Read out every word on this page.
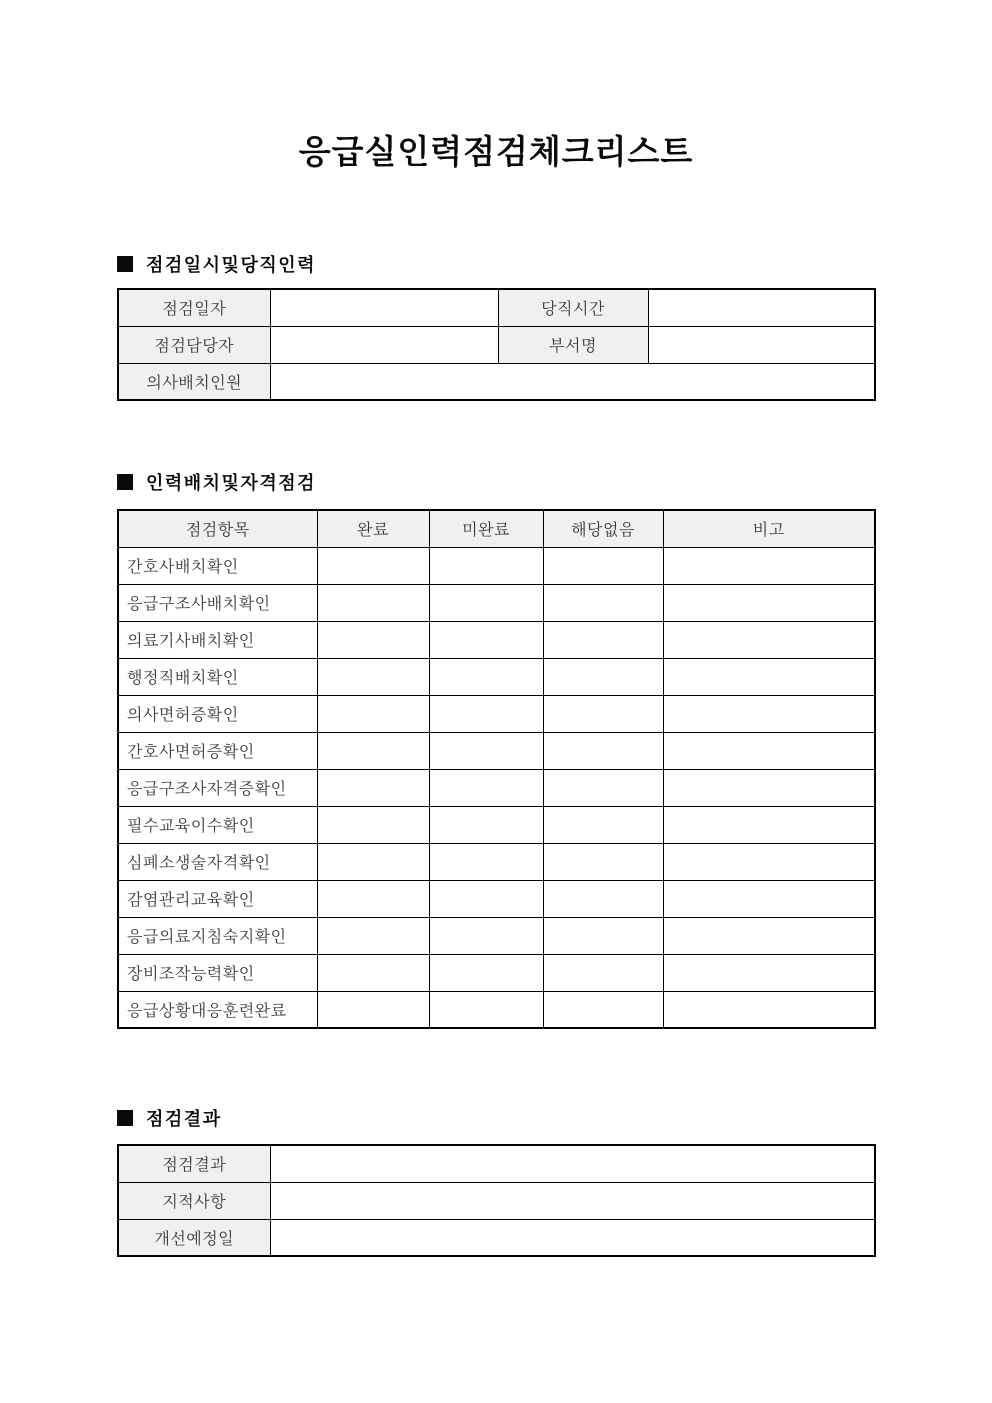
응급실인력점검체크리스트
점검일시및당직인력
점검일자		당직시간	
점검담당자		부서명	
의사배치인원			
인력배치및자격점검
점검항목	완료	미완료	해당없음	비고
간호사배치확인				
응급구조사배치확인				
의료기사배치확인				
행정직배치확인				
의사면허증확인				
간호사면허증확인				
응급구조사자격증확인				
필수교육이수확인				
심폐소생술자격확인				
감염관리교육확인				
응급의료지침숙지확인				
장비조작능력확인				
응급상황대응훈련완료				
점검결과
점검결과	
지적사항	
개선예정일	
